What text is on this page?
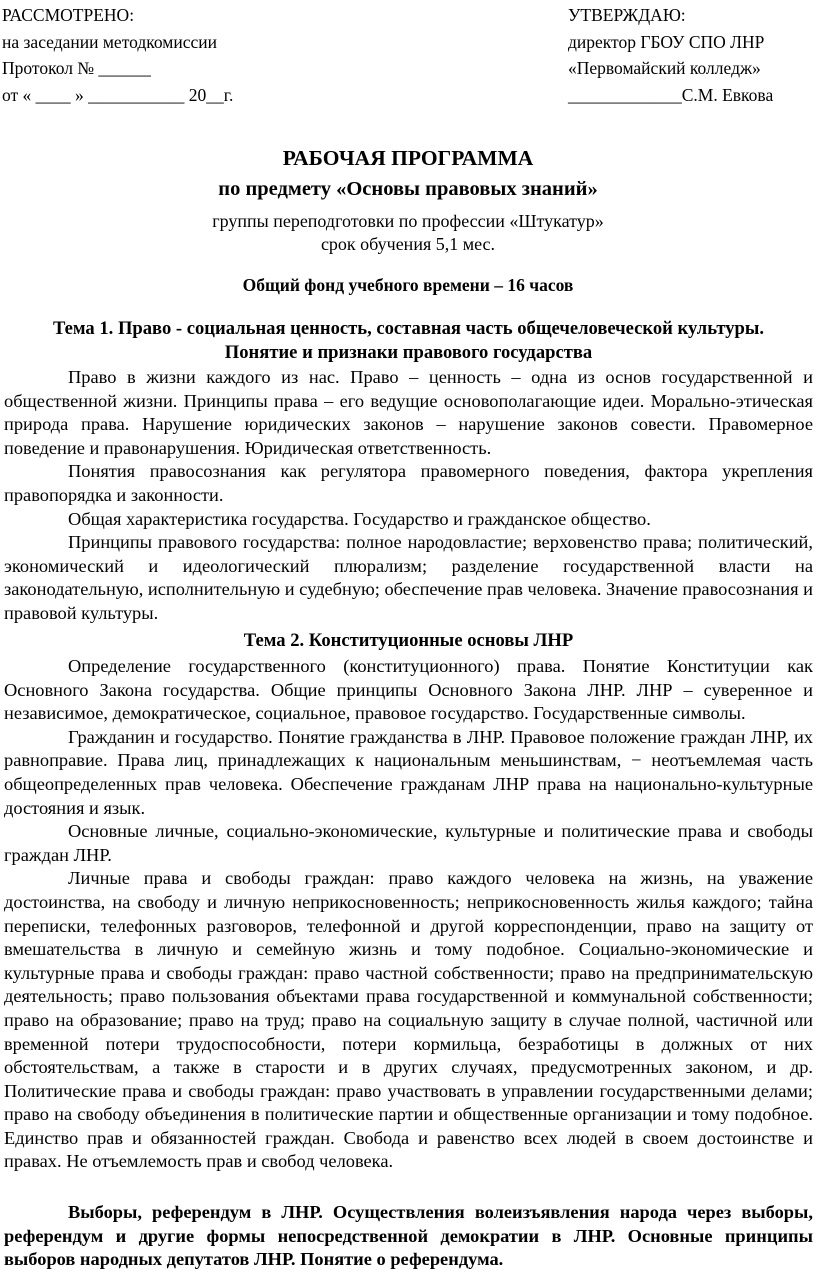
РАССМОТРЕНО:
на заседании методкомиссии
Протокол № ______
от « ____ » ___________ 20__г.
УТВЕРЖДАЮ:
директор ГБОУ СПО ЛНР
«Первомайский колледж»
_____________С.М. Евкова
РАБОЧАЯ ПРОГРАММА
по предмету «Основы правовых знаний»
группы переподготовки по профессии «Штукатур»
срок обучения 5,1 мес.
Общий фонд учебного времени – 16 часов

Тема 1. Право - социальная ценность, составная часть общечеловеческой культуры.

Понятие и признаки правового государства

Право в жизни каждого из нас. Право – ценность – одна из основ государственной и общественной жизни. Принципы права – его ведущие основополагающие идеи. Морально-этическая природа права. Нарушение юридических законов – нарушение законов совести. Правомерное поведение и правонарушения. Юридическая ответственность.

Понятия правосознания как регулятора правомерного поведения, фактора укрепления правопорядка и законности.

Общая характеристика государства. Государство и гражданское общество.

Принципы правового государства: полное народовластие; верховенство права; политический, экономический и идеологический плюрализм; разделение государственной власти на законодательную, исполнительную и судебную; обеспечение прав человека. Значение правосознания и правовой культуры.

Тема 2. Конституционные основы ЛНР

Определение государственного (конституционного) права. Понятие Конституции как Основного Закона государства. Общие принципы Основного Закона ЛНР. ЛНР – суверенное и независимое, демократическое, социальное, правовое государство. Государственные символы.

Гражданин и государство. Понятие гражданства в ЛНР. Правовое положение граждан ЛНР, их равноправие. Права лиц, принадлежащих к национальным меньшинствам, − неотъемлемая часть общеопределенных прав человека. Обеспечение гражданам ЛНР права на национально-культурные достояния и язык.

Основные личные, социально-экономические, культурные и политические права и свободы граждан ЛНР.

Личные права и свободы граждан: право каждого человека на жизнь, на уважение достоинства, на свободу и личную неприкосновенность; неприкосновенность жилья каждого; тайна переписки, телефонных разговоров, телефонной и другой корреспонденции, право на защиту от вмешательства в личную и семейную жизнь и тому подобное. Социально-экономические и культурные права и свободы граждан: право частной собственности; право на предпринимательскую деятельность; право пользования объектами права государственной и коммунальной собственности; право на образование; право на труд; право на социальную защиту в случае полной, частичной или временной потери трудоспособности, потери кормильца, безработицы в должных от них обстоятельствам, а также в старости и в других случаях, предусмотренных законом, и др. Политические права и свободы граждан: право участвовать в управлении государственными делами; право на свободу объединения в политические партии и общественные организации и тому подобное. Единство прав и обязанностей граждан. Свобода и равенство всех людей в своем достоинстве и правах. Не отъемлемость прав и свобод человека.

Выборы, референдум в ЛНР. Осуществления волеизъявления народа через выборы, референдум и другие формы непосредственной демократии в ЛНР. Основные принципы выборов народных депутатов ЛНР. Понятие о референдума.
